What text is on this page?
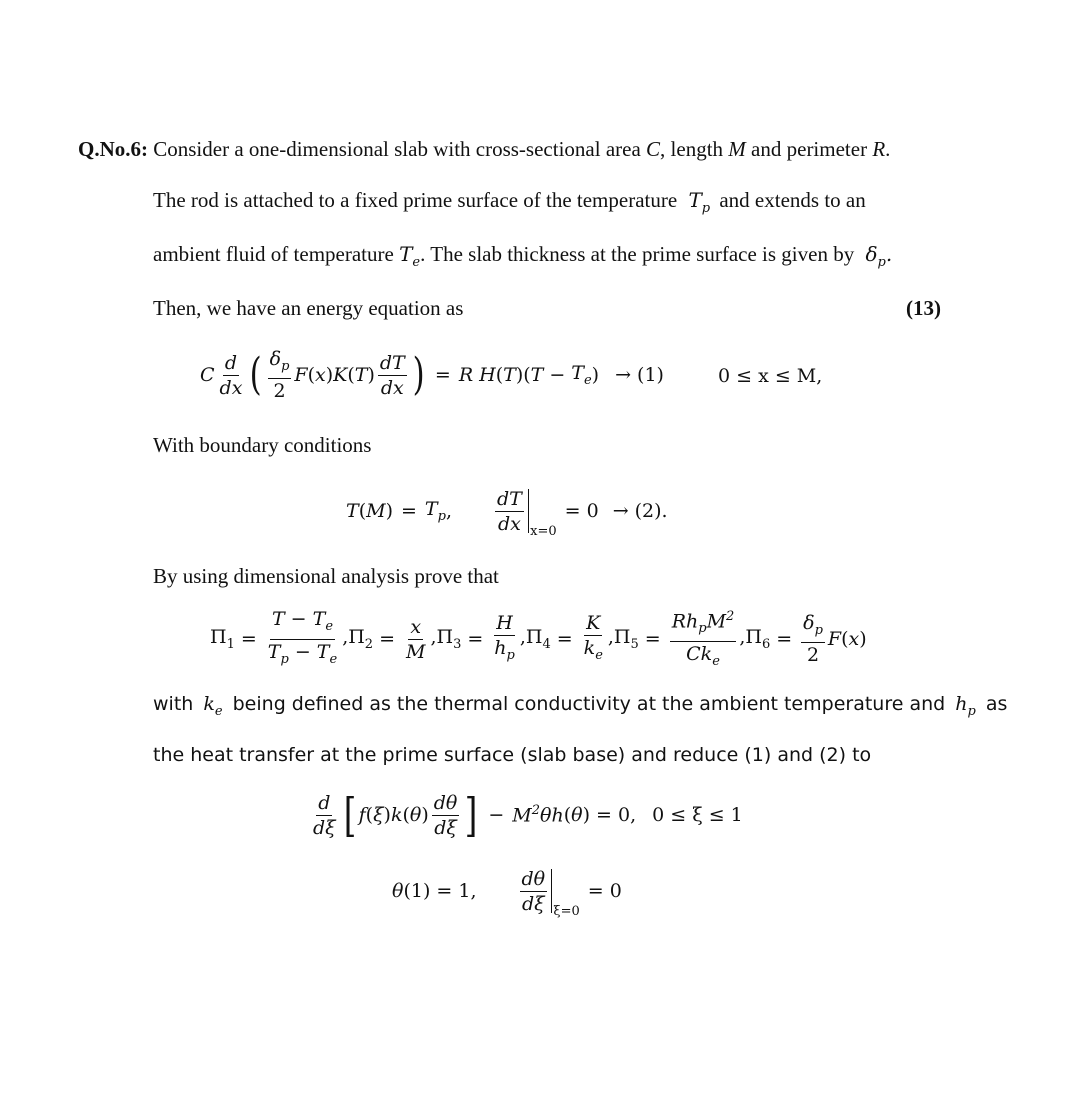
Q.No.6: Consider a one-dimensional slab with cross-sectional area C, length M and perimeter R.
The rod is attached to a fixed prime surface of the temperature $T_p$ and extends to an
ambient fluid of temperature $T_e$. The slab thickness at the prime surface is given by $\delta_p$.
Then, we have an energy equation as	(13)
C $\frac{d}{dx}$ ( $\frac{\delta_p}{2}$ F ( x ) K ( T ) $\frac{dT}{dx}$ ) = R H ( T )( $T - T_e$ ) → (1)	0 ≤ x ≤ M,
With boundary conditions
T ( M ) = $T_p$ , $\frac{dT}{dx} x=0$
= 0 → (2).
By using dimensional analysis prove that
$\Pi_1 = \frac{T - T_e}{T_p - T_e} ,\Pi_2 = \frac{x}{M} ,\Pi_3 = \frac{H}{h_p} ,\Pi_4 = \frac{K}{k_e} ,\Pi_5 = \frac{Rh_pM^2}{Ck_e} ,\Pi_6 = \frac{\delta_p}{2}$ F ( x )
with $k_e$ being defined as the thermal conductivity at the ambient temperature and $h_p$ as
the heat transfer at the prime surface (slab base) and reduce (1) and (2) to
$\frac{d}{d\xi}$ [ f ( ξ ) k ( θ ) $\frac{d\theta}{d\xi}$ ] − $M^2\theta h$ ( θ ) = 0, 0 ≤ ξ ≤ 1
θ (1) = 1, $\frac{d\theta}{d\xi} \xi=0$
= 0
